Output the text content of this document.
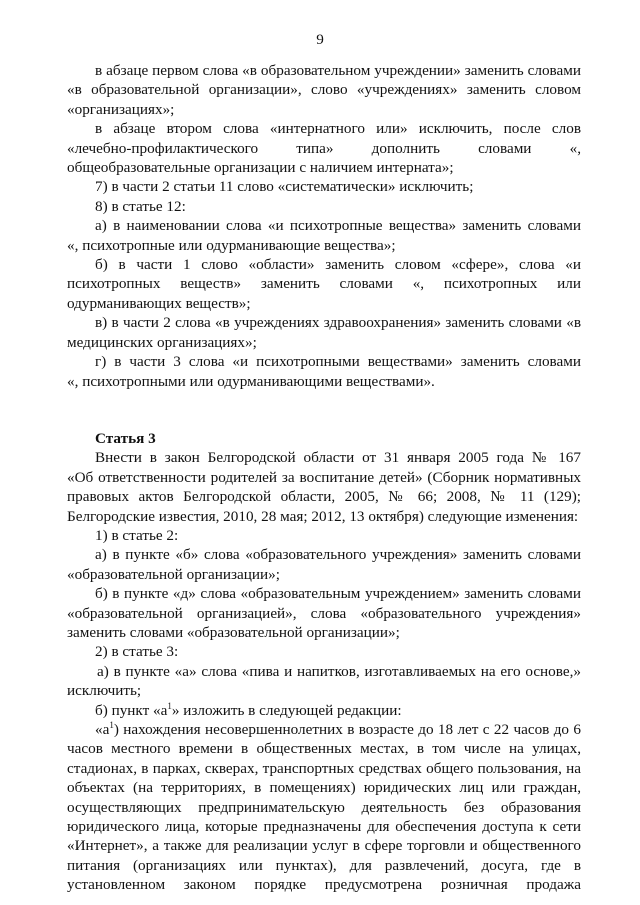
9
в абзаце первом слова «в образовательном учреждении» заменить словами
«в образовательной организации», слово «учреждениях» заменить словом
«организациях»;
в абзаце втором слова «интернатного или» исключить, после слов
«лечебно-профилактического типа» дополнить словами «,
общеобразовательные организации с наличием интерната»;
7) в части 2 статьи 11 слово «систематически» исключить;
8) в статье 12:
а) в наименовании слова «и психотропные вещества» заменить словами
«, психотропные или одурманивающие вещества»;
б) в части 1 слово «области» заменить словом «сфере», слова «и
психотропных веществ» заменить словами «, психотропных или
одурманивающих веществ»;
в) в части 2 слова «в учреждениях здравоохранения» заменить словами «в
медицинских организациях»;
г) в части 3 слова «и психотропными веществами» заменить словами
«, психотропными или одурманивающими веществами».
Статья 3
Внести в закон Белгородской области от 31 января 2005 года № 167
«Об ответственности родителей за воспитание детей» (Сборник нормативных
правовых актов Белгородской области, 2005, № 66; 2008, № 11 (129);
Белгородские известия, 2010, 28 мая; 2012, 13 октября) следующие изменения:
1) в статье 2:
а) в пункте «б» слова «образовательного учреждения» заменить словами
«образовательной организации»;
б) в пункте «д» слова «образовательным учреждением» заменить словами
«образовательной организацией», слова «образовательного учреждения»
заменить словами «образовательной организации»;
2) в статье 3:
а) в пункте «а» слова «пива и напитков, изготавливаемых на его основе,»
исключить;
б) пункт «$а^1$» изложить в следующей редакции:
«$а^1$) нахождения несовершеннолетних в возрасте до 18 лет с 22 часов до 6
часов местного времени в общественных местах, в том числе на улицах,
стадионах, в парках, скверах, транспортных средствах общего пользования, на
объектах (на территориях, в помещениях) юридических лиц или граждан,
осуществляющих предпринимательскую деятельность без образования
юридического лица, которые предназначены для обеспечения доступа к сети
«Интернет», а также для реализации услуг в сфере торговли и общественного
питания (организациях или пунктах), для развлечений, досуга, где в
установленном законом порядке предусмотрена розничная продажа
